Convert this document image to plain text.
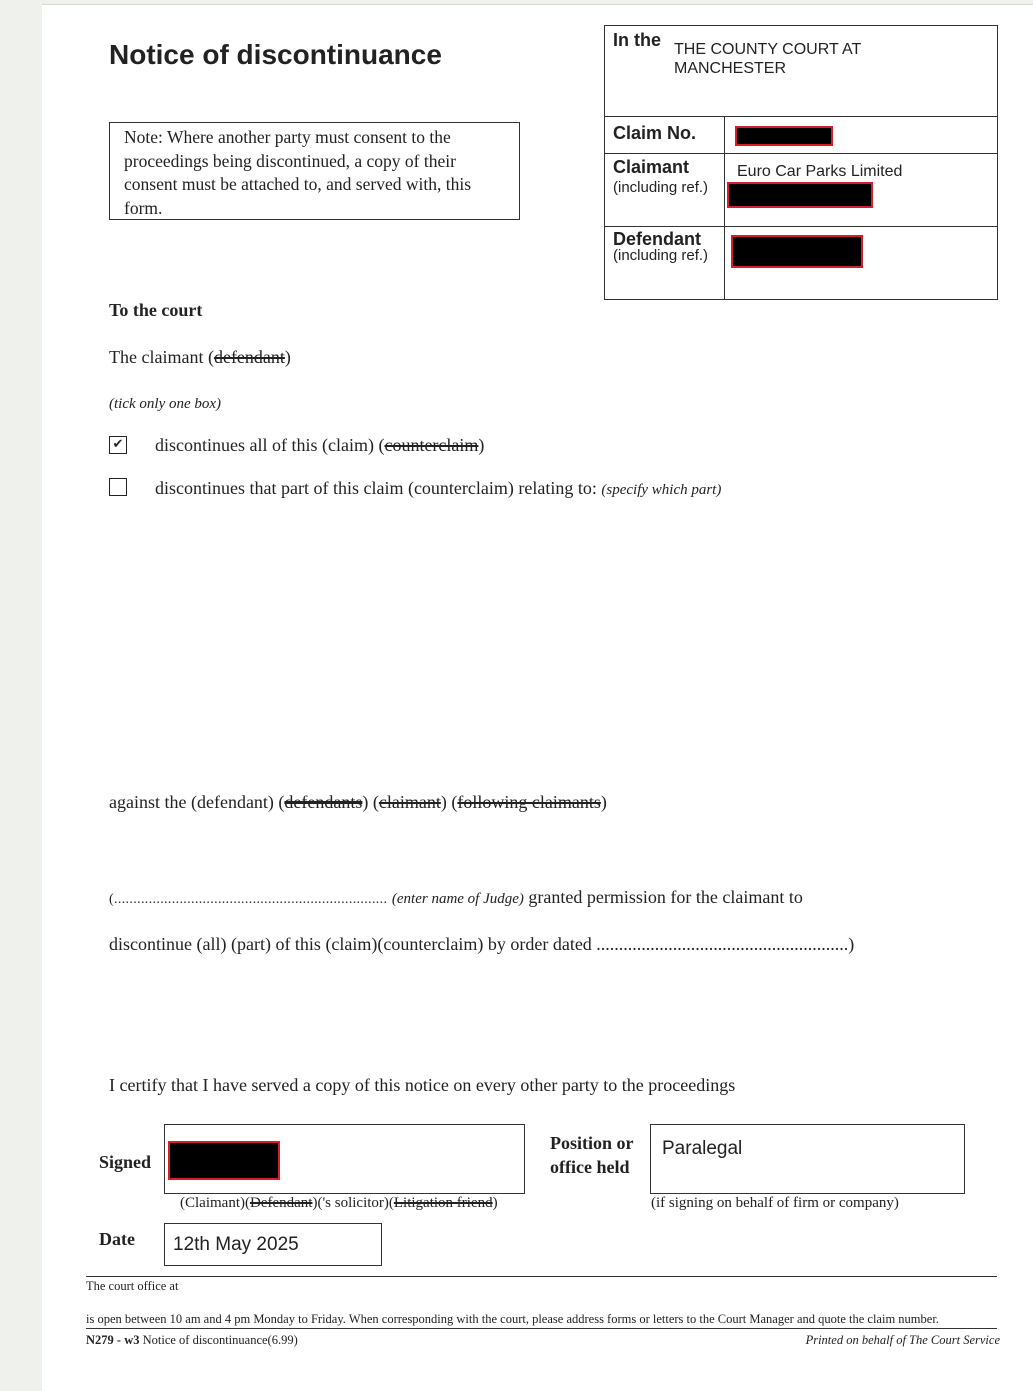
Notice of discontinuance
Note: Where another party must consent to the proceedings being discontinued, a copy of their consent must be attached to, and served with, this form.
In the THE COUNTY COURT AT MANCHESTER
Claim No.
Claimant
(including ref.)
Euro Car Parks Limited
Defendant
(including ref.)
To the court
The claimant (defendant)
(tick only one box)
✔ discontinues all of this (claim) (counterclaim)
discontinues that part of this claim (counterclaim) relating to: (specify which part)
against the (defendant) (defendants) (claimant) (following claimants)
(....................................................................... (enter name of Judge) granted permission for the claimant to
discontinue (all) (part) of this (claim)(counterclaim) by order dated ........................................................)
I certify that I have served a copy of this notice on every other party to the proceedings
Signed
(Claimant)(Defendant)('s solicitor)(Litigation friend)
Position or
office held
Paralegal
(if signing on behalf of firm or company)
Date	12th May 2025
The court office at
is open between 10 am and 4 pm Monday to Friday. When corresponding with the court, please address forms or letters to the Court Manager and quote the claim number.
N279 - w3 Notice of discontinuance(6.99)	Printed on behalf of The Court Service
